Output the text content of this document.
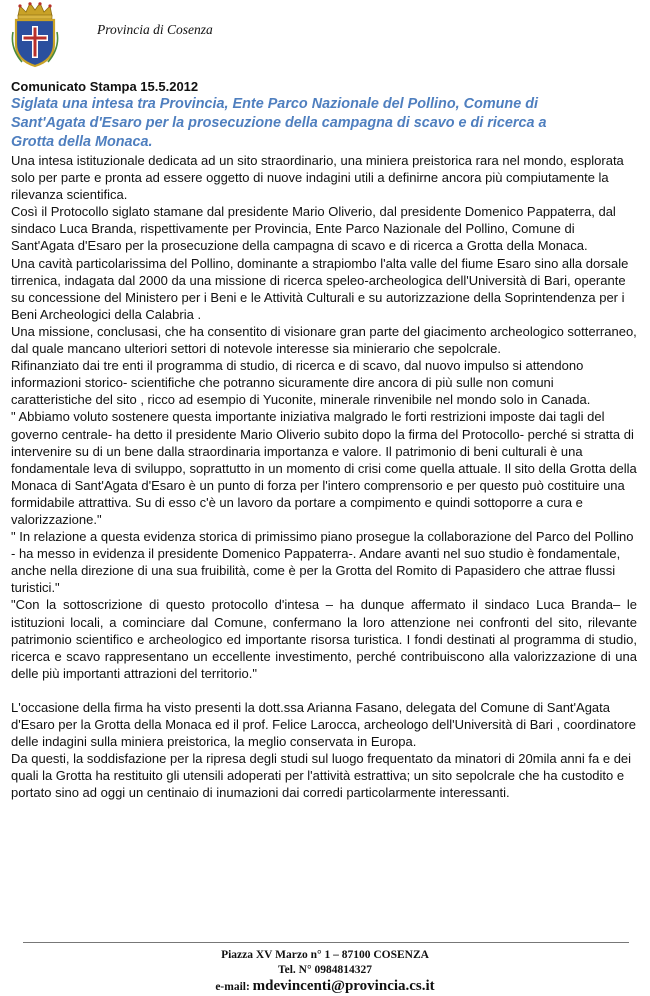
Provincia di Cosenza

Comunicato Stampa 15.5.2012

Siglata una intesa tra Provincia, Ente Parco Nazionale del Pollino, Comune di
Sant'Agata d'Esaro per la prosecuzione della campagna di scavo e di ricerca a
Grotta della Monaca.

Una intesa istituzionale dedicata ad un sito straordinario, una miniera preistorica rara nel mondo, esplorata solo per parte e pronta ad essere oggetto di nuove indagini utili a definirne ancora più compiutamente la rilevanza scientifica.

Così il Protocollo siglato stamane dal presidente Mario Oliverio, dal presidente Domenico Pappaterra, dal sindaco Luca Branda, rispettivamente per Provincia, Ente Parco Nazionale del Pollino, Comune di Sant'Agata d'Esaro per la prosecuzione della campagna di scavo e di ricerca a Grotta della Monaca.

Una cavità particolarissima del Pollino, dominante a strapiombo l'alta valle del fiume Esaro sino alla dorsale tirrenica, indagata dal 2000 da una missione di ricerca speleo-archeologica dell'Università di Bari, operante su concessione del Ministero per i Beni e le Attività Culturali e su autorizzazione della Soprintendenza per i Beni Archeologici della Calabria .

Una missione, conclusasi, che ha consentito di visionare gran parte del giacimento archeologico sotterraneo, dal quale mancano ulteriori settori di notevole interesse sia minierario che sepolcrale.

Rifinanziato dai tre enti il programma di studio, di ricerca e di scavo, dal nuovo impulso si attendono informazioni storico- scientifiche che potranno sicuramente dire ancora di più sulle non comuni caratteristiche del sito , ricco ad esempio di Yuconite, minerale rinvenibile nel mondo solo in Canada.

" Abbiamo voluto sostenere questa importante iniziativa malgrado le forti restrizioni imposte dai tagli del governo centrale- ha detto il presidente Mario Oliverio subito dopo la firma del Protocollo- perché si stratta di intervenire su di un bene dalla straordinaria importanza e valore. Il patrimonio di beni culturali è una fondamentale leva di sviluppo, soprattutto in un momento di crisi come quella attuale. Il sito della Grotta della Monaca di Sant'Agata d'Esaro è un punto di forza per l'intero comprensorio e per questo può costituire una formidabile attrattiva. Su di esso c'è un lavoro da portare a compimento e quindi sottoporre a cura e valorizzazione."

" In relazione a questa evidenza storica di primissimo piano prosegue la collaborazione del Parco del Pollino - ha messo in evidenza il presidente Domenico Pappaterra-. Andare avanti nel suo studio è fondamentale, anche nella direzione di una sua fruibilità, come è per la Grotta del Romito di Papasidero che attrae flussi turistici."

"Con la sottoscrizione di questo protocollo d'intesa – ha dunque affermato il sindaco Luca Branda– le istituzioni locali, a cominciare dal Comune, confermano la loro attenzione nei confronti del sito, rilevante patrimonio scientifico e archeologico ed importante risorsa turistica. I fondi destinati al programma di studio, ricerca e scavo rappresentano un eccellente investimento, perché contribuiscono alla valorizzazione di una delle più importanti attrazioni del territorio."

L'occasione della firma ha visto presenti la dott.ssa Arianna Fasano, delegata del Comune di Sant'Agata d'Esaro per la Grotta della Monaca ed il prof. Felice Larocca, archeologo dell'Università di Bari , coordinatore delle indagini sulla miniera preistorica, la meglio conservata in Europa.

Da questi, la soddisfazione per la ripresa degli studi sul luogo frequentato da minatori di 20mila anni fa e dei quali la Grotta ha restituito gli utensili adoperati per l'attività estrattiva; un sito sepolcrale che ha custodito e portato sino ad oggi un centinaio di inumazioni dai corredi particolarmente interessanti.

Piazza XV Marzo n° 1 – 87100 COSENZA
Tel. N° 0984814327
e-mail: mdevincenti@provincia.cs.it
